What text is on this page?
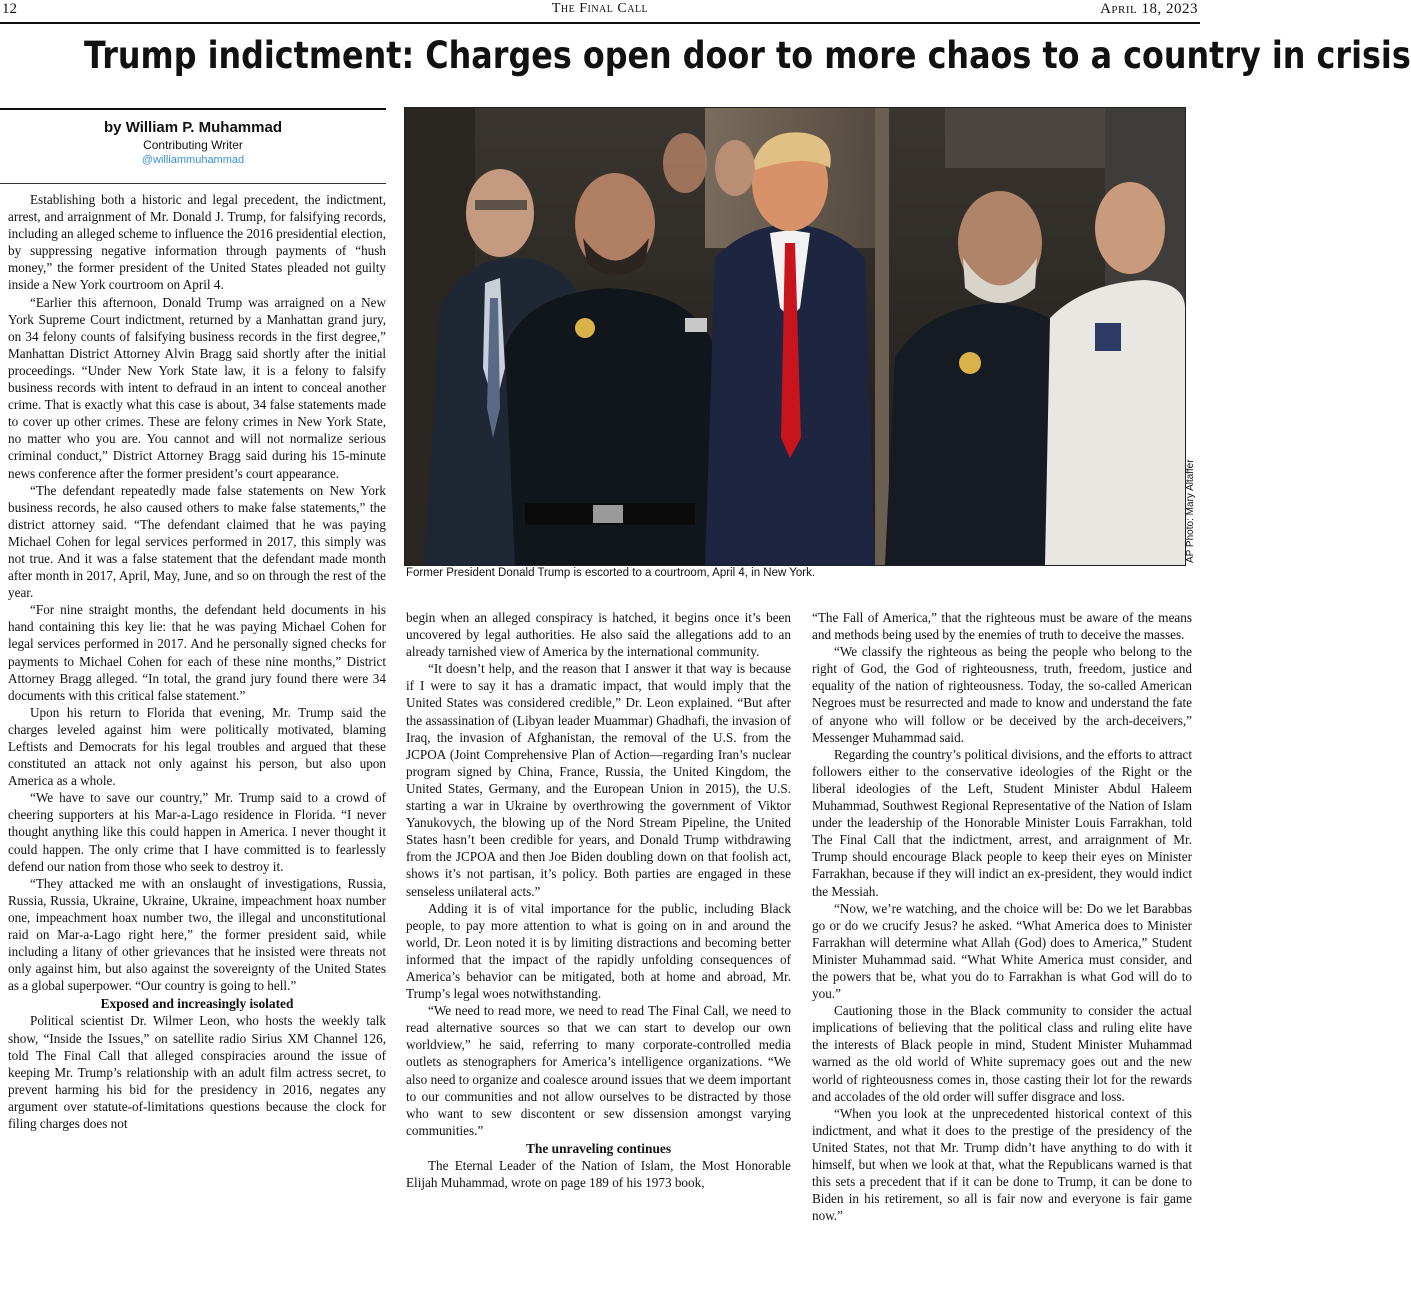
12	The Final Call	April 18, 2023
Trump indictment: Charges open door to more chaos to a country in crisis
by William P. Muhammad
Contributing Writer
@williammuhammad

Establishing both a historic and legal precedent, the indictment, arrest, and arraignment of Mr. Donald J. Trump, for falsifying records, including an alleged scheme to influence the 2016 presidential election, by suppressing negative information through payments of “hush money,” the former president of the United States pleaded not guilty inside a New York courtroom on April 4.

“Earlier this afternoon, Donald Trump was arraigned on a New York Supreme Court indictment, returned by a Manhattan grand jury, on 34 felony counts of falsifying business records in the first degree,” Manhattan District Attorney Alvin Bragg said shortly after the initial proceedings. “Under New York State law, it is a felony to falsify business records with intent to defraud in an intent to conceal another crime. That is exactly what this case is about, 34 false statements made to cover up other crimes. These are felony crimes in New York State, no matter who you are. You cannot and will not normalize serious criminal conduct,” District Attorney Bragg said during his 15-minute news conference after the former president’s court appearance.

“The defendant repeatedly made false statements on New York business records, he also caused others to make false statements,” the district attorney said. “The defendant claimed that he was paying Michael Cohen for legal services performed in 2017, this simply was not true. And it was a false statement that the defendant made month after month in 2017, April, May, June, and so on through the rest of the year.

“For nine straight months, the defendant held documents in his hand containing this key lie: that he was paying Michael Cohen for legal services performed in 2017. And he personally signed checks for payments to Michael Cohen for each of these nine months,” District Attorney Bragg alleged. “In total, the grand jury found there were 34 documents with this critical false statement.”

Upon his return to Florida that evening, Mr. Trump said the charges leveled against him were politically motivated, blaming Leftists and Democrats for his legal troubles and argued that these constituted an attack not only against his person, but also upon America as a whole.

“We have to save our country,” Mr. Trump said to a crowd of cheering supporters at his Mar-a-Lago residence in Florida. “I never thought anything like this could happen in America. I never thought it could happen. The only crime that I have committed is to fearlessly defend our nation from those who seek to destroy it.

“They attacked me with an onslaught of investigations, Russia, Russia, Russia, Ukraine, Ukraine, Ukraine, impeachment hoax number one, impeachment hoax number two, the illegal and unconstitutional raid on Mar-a-Lago right here,” the former president said, while including a litany of other grievances that he insisted were threats not only against him, but also against the sovereignty of the United States as a global superpower. “Our country is going to hell.”

Exposed and increasingly isolated

Political scientist Dr. Wilmer Leon, who hosts the weekly talk show, “Inside the Issues,” on satellite radio Sirius XM Channel 126, told The Final Call that alleged conspiracies around the issue of keeping Mr. Trump’s relationship with an adult film actress secret, to prevent harming his bid for the presidency in 2016, negates any argument over statute-of-limitations questions because the clock for filing charges does not

AP Photo: Mary Altaffer
Former President Donald Trump is escorted to a courtroom, April 4, in New York.

begin when an alleged conspiracy is hatched, it begins once it’s been uncovered by legal authorities. He also said the allegations add to an already tarnished view of America by the international community.

“It doesn’t help, and the reason that I answer it that way is because if I were to say it has a dramatic impact, that would imply that the United States was considered credible,” Dr. Leon explained. “But after the assassination of (Libyan leader Muammar) Ghadhafi, the invasion of Iraq, the invasion of Afghanistan, the removal of the U.S. from the JCPOA (Joint Comprehensive Plan of Action—regarding Iran’s nuclear program signed by China, France, Russia, the United Kingdom, the United States, Germany, and the European Union in 2015), the U.S. starting a war in Ukraine by overthrowing the government of Viktor Yanukovych, the blowing up of the Nord Stream Pipeline, the United States hasn’t been credible for years, and Donald Trump withdrawing from the JCPOA and then Joe Biden doubling down on that foolish act, shows it’s not partisan, it’s policy. Both parties are engaged in these senseless unilateral acts.”

Adding it is of vital importance for the public, including Black people, to pay more attention to what is going on in and around the world, Dr. Leon noted it is by limiting distractions and becoming better informed that the impact of the rapidly unfolding consequences of America’s behavior can be mitigated, both at home and abroad, Mr. Trump’s legal woes notwithstanding.

“We need to read more, we need to read The Final Call, we need to read alternative sources so that we can start to develop our own worldview,” he said, referring to many corporate-controlled media outlets as stenographers for America’s intelligence organizations. “We also need to organize and coalesce around issues that we deem important to our communities and not allow ourselves to be distracted by those who want to sew discontent or sew dissension amongst varying communities.”

The unraveling continues

The Eternal Leader of the Nation of Islam, the Most Honorable Elijah Muhammad, wrote on page 189 of his 1973 book,

“The Fall of America,” that the righteous must be aware of the means and methods being used by the enemies of truth to deceive the masses.

“We classify the righteous as being the people who belong to the right of God, the God of righteousness, truth, freedom, justice and equality of the nation of righteousness. Today, the so-called American Negroes must be resurrected and made to know and understand the fate of anyone who will follow or be deceived by the arch-deceivers,” Messenger Muhammad said.

Regarding the country’s political divisions, and the efforts to attract followers either to the conservative ideologies of the Right or the liberal ideologies of the Left, Student Minister Abdul Haleem Muhammad, Southwest Regional Representative of the Nation of Islam under the leadership of the Honorable Minister Louis Farrakhan, told The Final Call that the indictment, arrest, and arraignment of Mr. Trump should encourage Black people to keep their eyes on Minister Farrakhan, because if they will indict an ex-president, they would indict the Messiah.

“Now, we’re watching, and the choice will be: Do we let Barabbas go or do we crucify Jesus? he asked. “What America does to Minister Farrakhan will determine what Allah (God) does to America,” Student Minister Muhammad said. “What White America must consider, and the powers that be, what you do to Farrakhan is what God will do to you.”

Cautioning those in the Black community to consider the actual implications of believing that the political class and ruling elite have the interests of Black people in mind, Student Minister Muhammad warned as the old world of White supremacy goes out and the new world of righteousness comes in, those casting their lot for the rewards and accolades of the old order will suffer disgrace and loss.

“When you look at the unprecedented historical context of this indictment, and what it does to the prestige of the presidency of the United States, not that Mr. Trump didn’t have anything to do with it himself, but when we look at that, what the Republicans warned is that this sets a precedent that if it can be done to Trump, it can be done to Biden in his retirement, so all is fair now and everyone is fair game now.”
